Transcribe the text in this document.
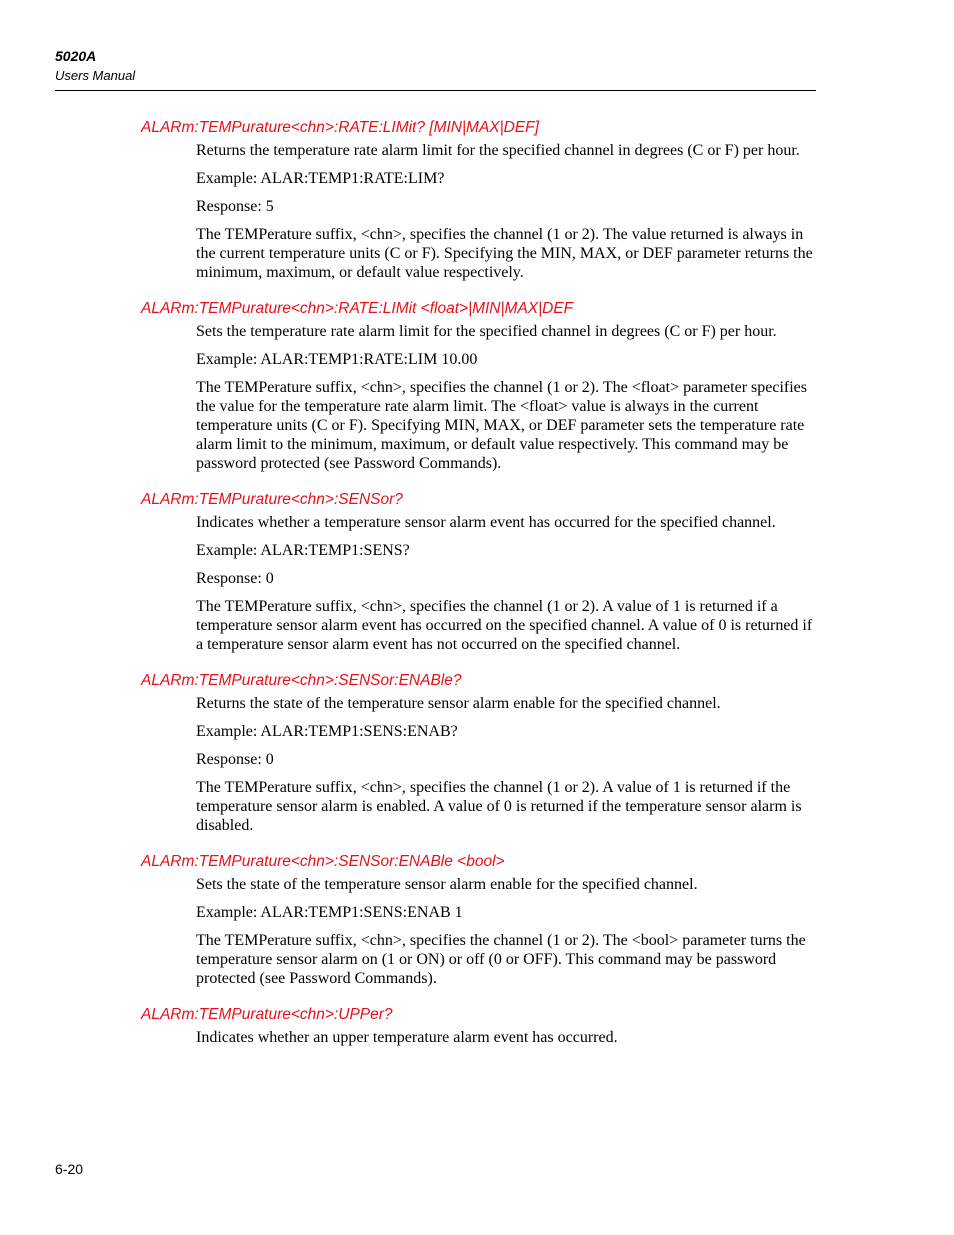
5020A
Users Manual
ALARm:TEMPurature<chn>:RATE:LIMit? [MIN|MAX|DEF]

Returns the temperature rate alarm limit for the specified channel in degrees (C or F) per hour.

Example: ALAR:TEMP1:RATE:LIM?

Response: 5

The TEMPerature suffix, <chn>, specifies the channel (1 or 2). The value returned is always in the current temperature units (C or F). Specifying the MIN, MAX, or DEF parameter returns the minimum, maximum, or default value respectively.

ALARm:TEMPurature<chn>:RATE:LIMit <float>|MIN|MAX|DEF

Sets the temperature rate alarm limit for the specified channel in degrees (C or F) per hour.

Example: ALAR:TEMP1:RATE:LIM 10.00

The TEMPerature suffix, <chn>, specifies the channel (1 or 2). The <float> parameter specifies the value for the temperature rate alarm limit. The <float> value is always in the current temperature units (C or F). Specifying MIN, MAX, or DEF parameter sets the temperature rate alarm limit to the minimum, maximum, or default value respectively. This command may be password protected (see Password Commands).

ALARm:TEMPurature<chn>:SENSor?

Indicates whether a temperature sensor alarm event has occurred for the specified channel.

Example: ALAR:TEMP1:SENS?

Response: 0

The TEMPerature suffix, <chn>, specifies the channel (1 or 2). A value of 1 is returned if a temperature sensor alarm event has occurred on the specified channel. A value of 0 is returned if a temperature sensor alarm event has not occurred on the specified channel.

ALARm:TEMPurature<chn>:SENSor:ENABle?

Returns the state of the temperature sensor alarm enable for the specified channel.

Example: ALAR:TEMP1:SENS:ENAB?

Response: 0

The TEMPerature suffix, <chn>, specifies the channel (1 or 2). A value of 1 is returned if the temperature sensor alarm is enabled. A value of 0 is returned if the temperature sensor alarm is disabled.

ALARm:TEMPurature<chn>:SENSor:ENABle <bool>

Sets the state of the temperature sensor alarm enable for the specified channel.

Example: ALAR:TEMP1:SENS:ENAB 1

The TEMPerature suffix, <chn>, specifies the channel (1 or 2). The <bool> parameter turns the temperature sensor alarm on (1 or ON) or off (0 or OFF). This command may be password protected (see Password Commands).

ALARm:TEMPurature<chn>:UPPer?

Indicates whether an upper temperature alarm event has occurred.

6-20
